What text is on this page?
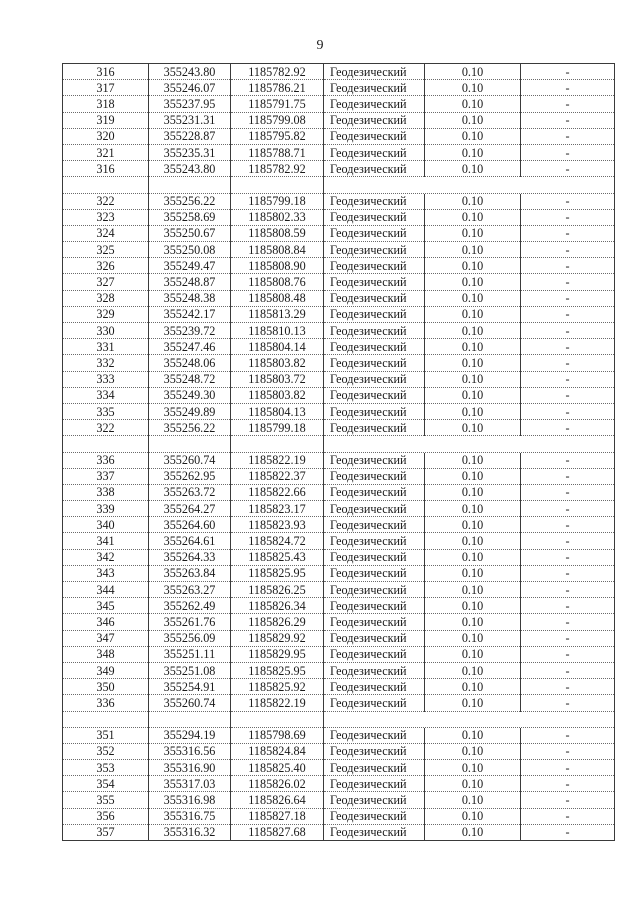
9
316	355243.80	1185782.92	Геодезический	0.10	-
317	355246.07	1185786.21	Геодезический	0.10	-
318	355237.95	1185791.75	Геодезический	0.10	-
319	355231.31	1185799.08	Геодезический	0.10	-
320	355228.87	1185795.82	Геодезический	0.10	-
321	355235.31	1185788.71	Геодезический	0.10	-
316	355243.80	1185782.92	Геодезический	0.10	-

322	355256.22	1185799.18	Геодезический	0.10	-
323	355258.69	1185802.33	Геодезический	0.10	-
324	355250.67	1185808.59	Геодезический	0.10	-
325	355250.08	1185808.84	Геодезический	0.10	-
326	355249.47	1185808.90	Геодезический	0.10	-
327	355248.87	1185808.76	Геодезический	0.10	-
328	355248.38	1185808.48	Геодезический	0.10	-
329	355242.17	1185813.29	Геодезический	0.10	-
330	355239.72	1185810.13	Геодезический	0.10	-
331	355247.46	1185804.14	Геодезический	0.10	-
332	355248.06	1185803.82	Геодезический	0.10	-
333	355248.72	1185803.72	Геодезический	0.10	-
334	355249.30	1185803.82	Геодезический	0.10	-
335	355249.89	1185804.13	Геодезический	0.10	-
322	355256.22	1185799.18	Геодезический	0.10	-

336	355260.74	1185822.19	Геодезический	0.10	-
337	355262.95	1185822.37	Геодезический	0.10	-
338	355263.72	1185822.66	Геодезический	0.10	-
339	355264.27	1185823.17	Геодезический	0.10	-
340	355264.60	1185823.93	Геодезический	0.10	-
341	355264.61	1185824.72	Геодезический	0.10	-
342	355264.33	1185825.43	Геодезический	0.10	-
343	355263.84	1185825.95	Геодезический	0.10	-
344	355263.27	1185826.25	Геодезический	0.10	-
345	355262.49	1185826.34	Геодезический	0.10	-
346	355261.76	1185826.29	Геодезический	0.10	-
347	355256.09	1185829.92	Геодезический	0.10	-
348	355251.11	1185829.95	Геодезический	0.10	-
349	355251.08	1185825.95	Геодезический	0.10	-
350	355254.91	1185825.92	Геодезический	0.10	-
336	355260.74	1185822.19	Геодезический	0.10	-

351	355294.19	1185798.69	Геодезический	0.10	-
352	355316.56	1185824.84	Геодезический	0.10	-
353	355316.90	1185825.40	Геодезический	0.10	-
354	355317.03	1185826.02	Геодезический	0.10	-
355	355316.98	1185826.64	Геодезический	0.10	-
356	355316.75	1185827.18	Геодезический	0.10	-
357	355316.32	1185827.68	Геодезический	0.10	-
